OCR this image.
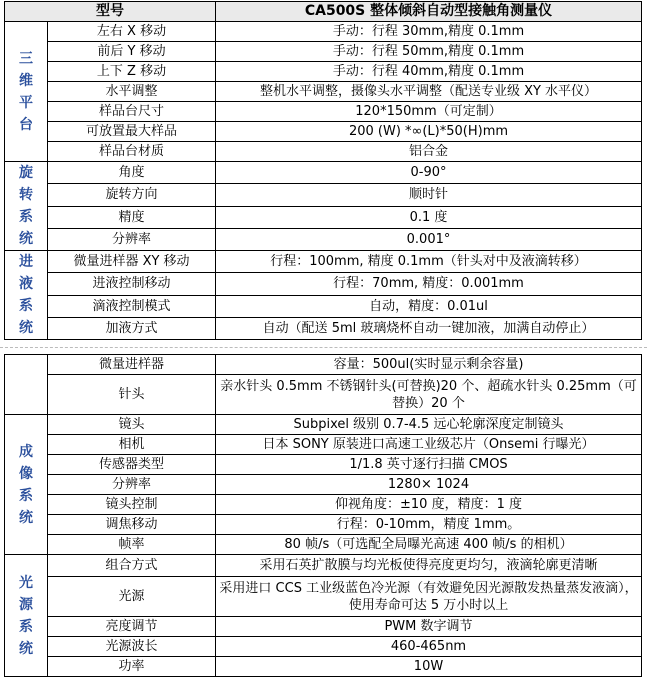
型号		CA500S 整体倾斜自动型接触角测量仪

三
维
平
台	左右 X 移动	手动：行程 30mm,精度 0.1mm
	前后 Y 移动	手动：行程 50mm,精度 0.1mm
	上下 Z 移动	手动：行程 40mm,精度 0.1mm
	水平调整	整机水平调整，摄像头水平调整（配送专业级 XY 水平仪）
	样品台尺寸	120*150mm（可定制）
	可放置最大样品	200 (W) *∞(L)*50(H)mm
	样品台材质	铝合金

旋
转
系
统	角度	0-90°
	旋转方向	顺时针
	精度	0.1 度
	分辨率	0.001°

进
液
系
统	微量进样器 XY 移动	行程：100mm, 精度 0.1mm（针头对中及液滴转移）
	进液控制移动	行程：70mm, 精度：0.001mm
	滴液控制模式	自动，精度：0.01ul
	加液方式	自动（配送 5ml 玻璃烧杯自动一键加液，加满自动停止）
	微量进样器	容量：500ul(实时显示剩余容量)
	针头	亲水针头 0.5mm 不锈钢针头(可替换)20 个、超疏水针头 0.25mm（可替换）20 个

成
像
系
统	镜头	Subpixel 级别 0.7-4.5 远心轮廓深度定制镜头
	相机	日本 SONY 原装进口高速工业级芯片（Onsemi 行曝光）
	传感器类型	1/1.8 英寸逐行扫描 CMOS
	分辨率	1280× 1024
	镜头控制	仰视角度：±10 度，精度：1 度
	调焦移动	行程：0-10mm，精度 1mm。
	帧率	80 帧/s（可选配全局曝光高速 400 帧/s 的相机）

光
源
系
统	组合方式	采用石英扩散膜与均光板使得亮度更均匀，液滴轮廓更清晰
	光源	采用进口 CCS 工业级蓝色冷光源（有效避免因光源散发热量蒸发液滴），使用寿命可达 5 万小时以上
	亮度调节	PWM 数字调节
	光源波长	460-465nm
	功率	10W
